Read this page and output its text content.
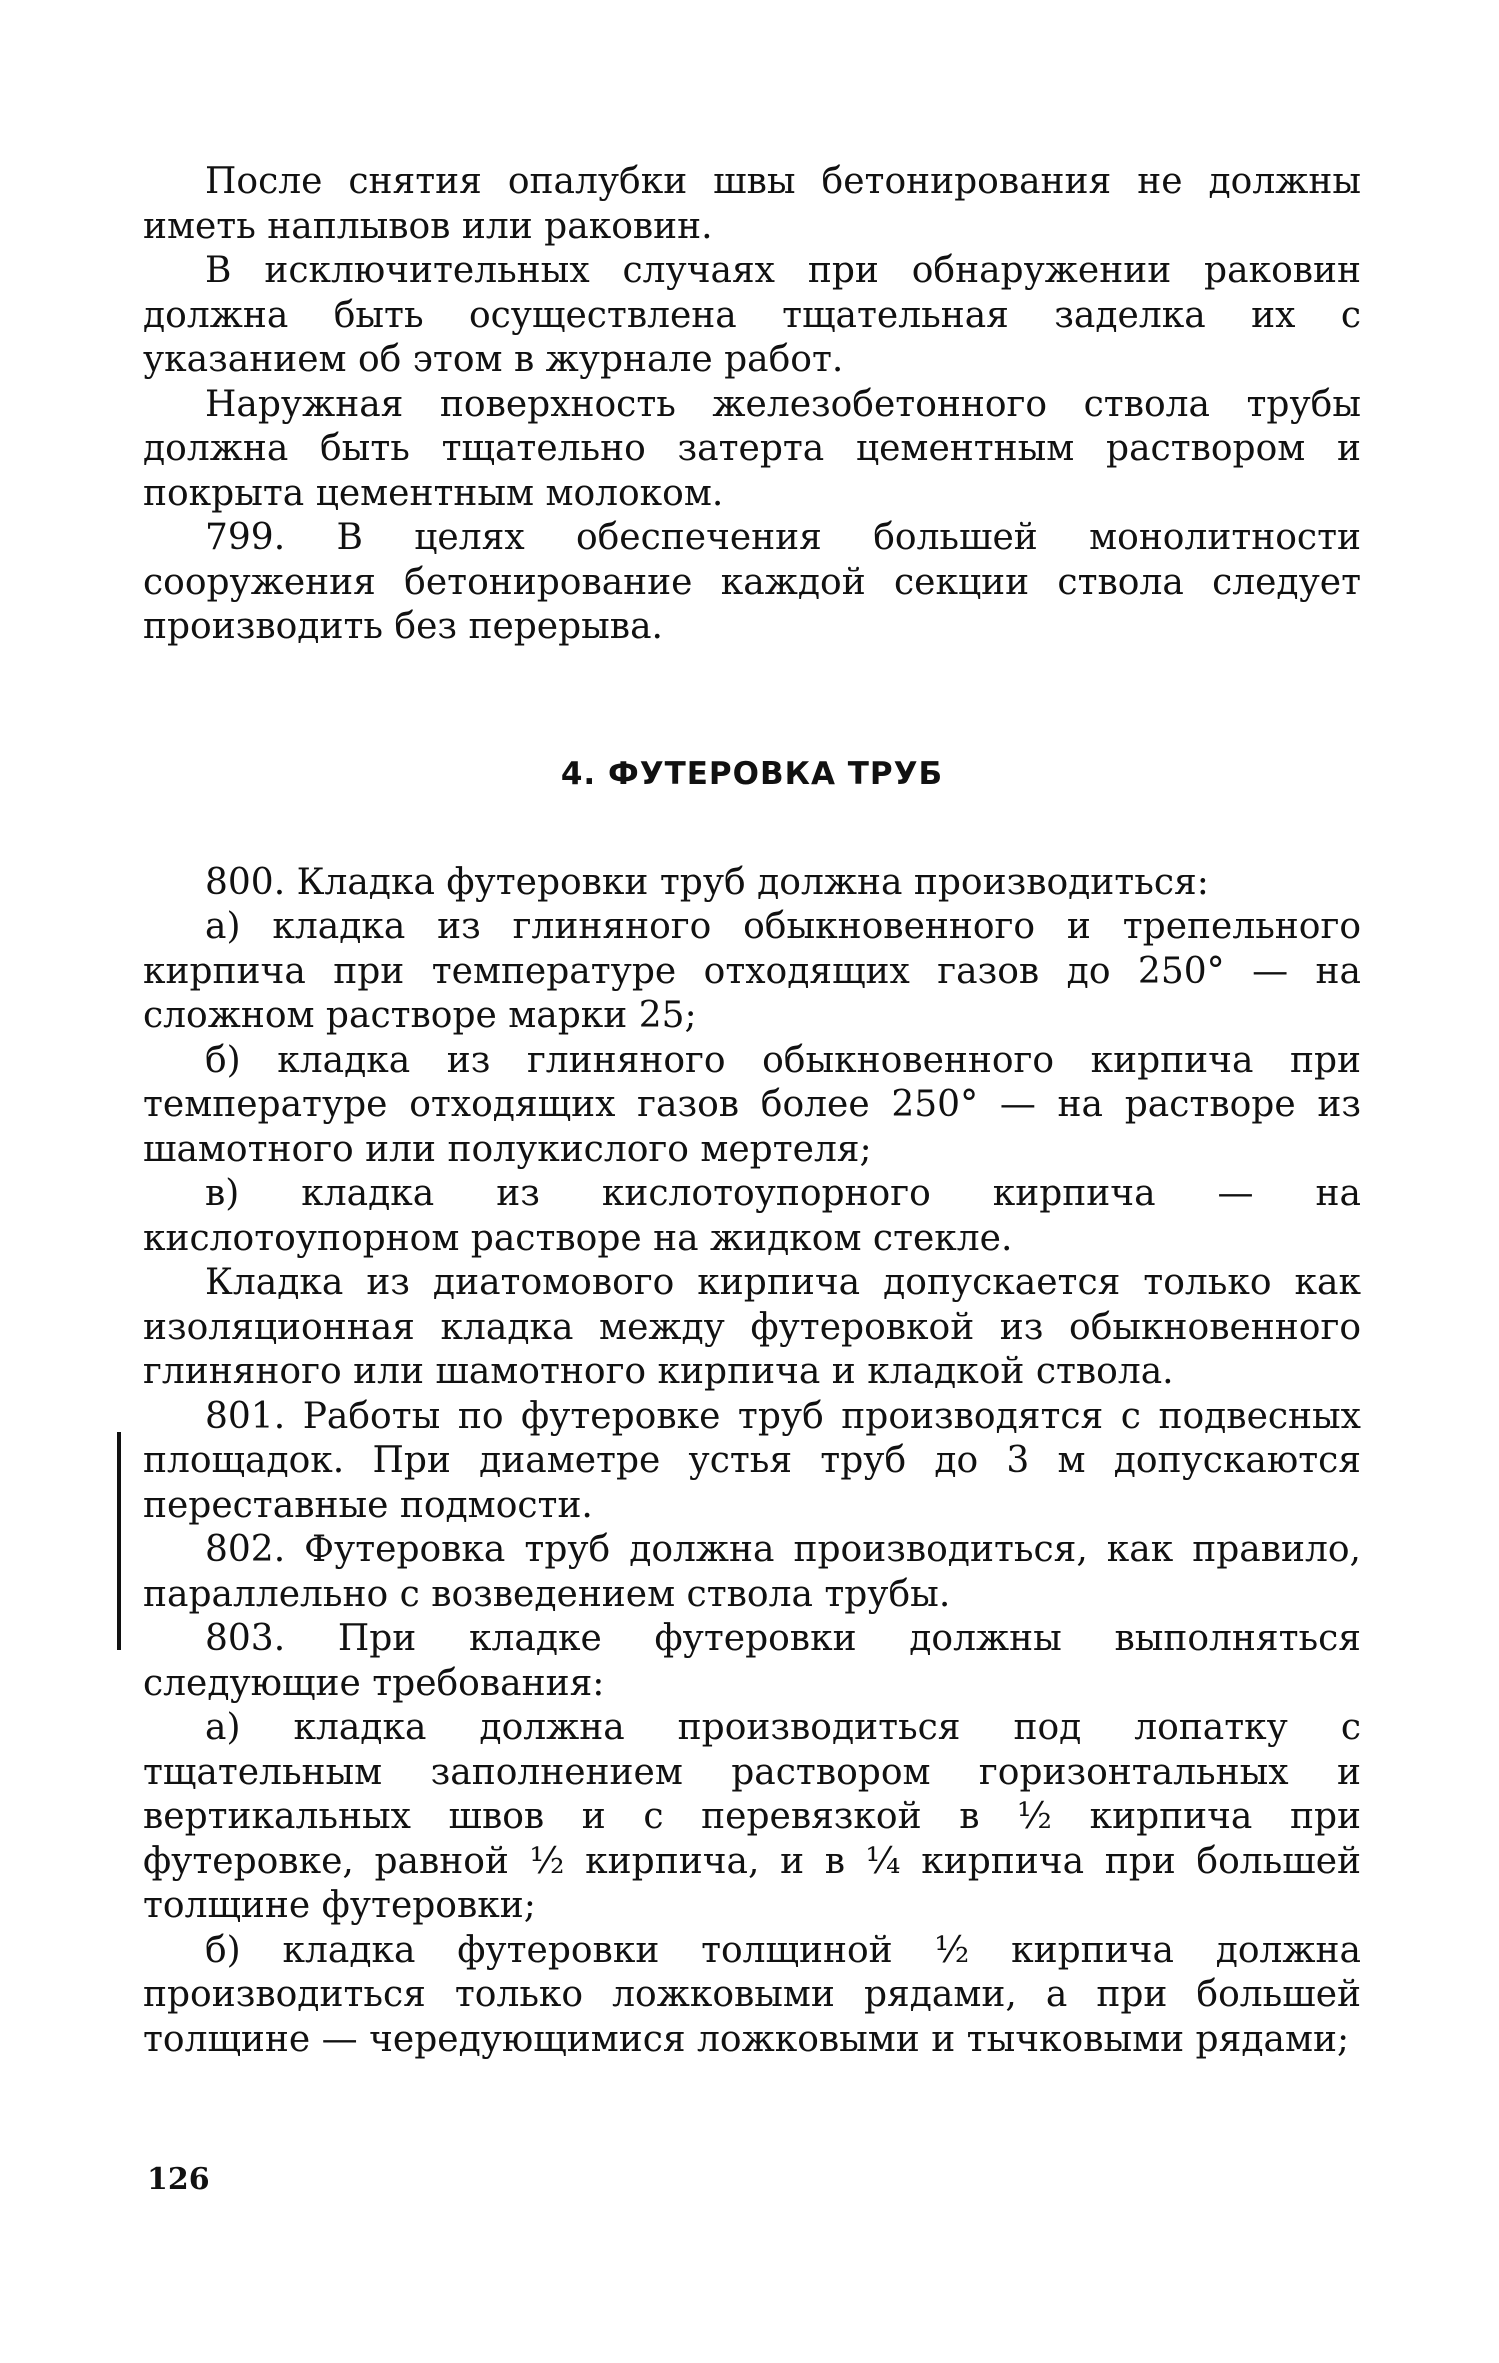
После снятия опалубки швы бетонирования не должны иметь наплывов или раковин.

В исключительных случаях при обнаружении раковин должна быть осуществлена тщательная заделка их с указанием об этом в журнале работ.

Наружная поверхность железобетонного ствола трубы должна быть тщательно затерта цементным раствором и покрыта цементным молоком.

799. В целях обеспечения большей монолитности сооружения бетонирование каждой секции ствола следует производить без перерыва.

4. ФУТЕРОВКА ТРУБ

800. Кладка футеровки труб должна производиться:

а) кладка из глиняного обыкновенного и трепельного кирпича при температуре отходящих газов до 250° — на сложном растворе марки 25;

б) кладка из глиняного обыкновенного кирпича при температуре отходящих газов более 250° — на растворе из шамотного или полукислого мертеля;

в) кладка из кислотоупорного кирпича — на кислотоупорном растворе на жидком стекле.

Кладка из диатомового кирпича допускается только как изоляционная кладка между футеровкой из обыкновенного глиняного или шамотного кирпича и кладкой ствола.

801. Работы по футеровке труб производятся с подвесных площадок. При диаметре устья труб до 3 м допускаются переставные подмости.

802. Футеровка труб должна производиться, как правило, параллельно с возведением ствола трубы.

803. При кладке футеровки должны выполняться следующие требования:

а) кладка должна производиться под лопатку с тщательным заполнением раствором горизонтальных и вертикальных швов и с перевязкой в ½ кирпича при футеровке, равной ½ кирпича, и в ¼ кирпича при большей толщине футеровки;

б) кладка футеровки толщиной ½ кирпича должна производиться только ложковыми рядами, а при большей толщине — чередующимися ложковыми и тычковыми рядами;

126
